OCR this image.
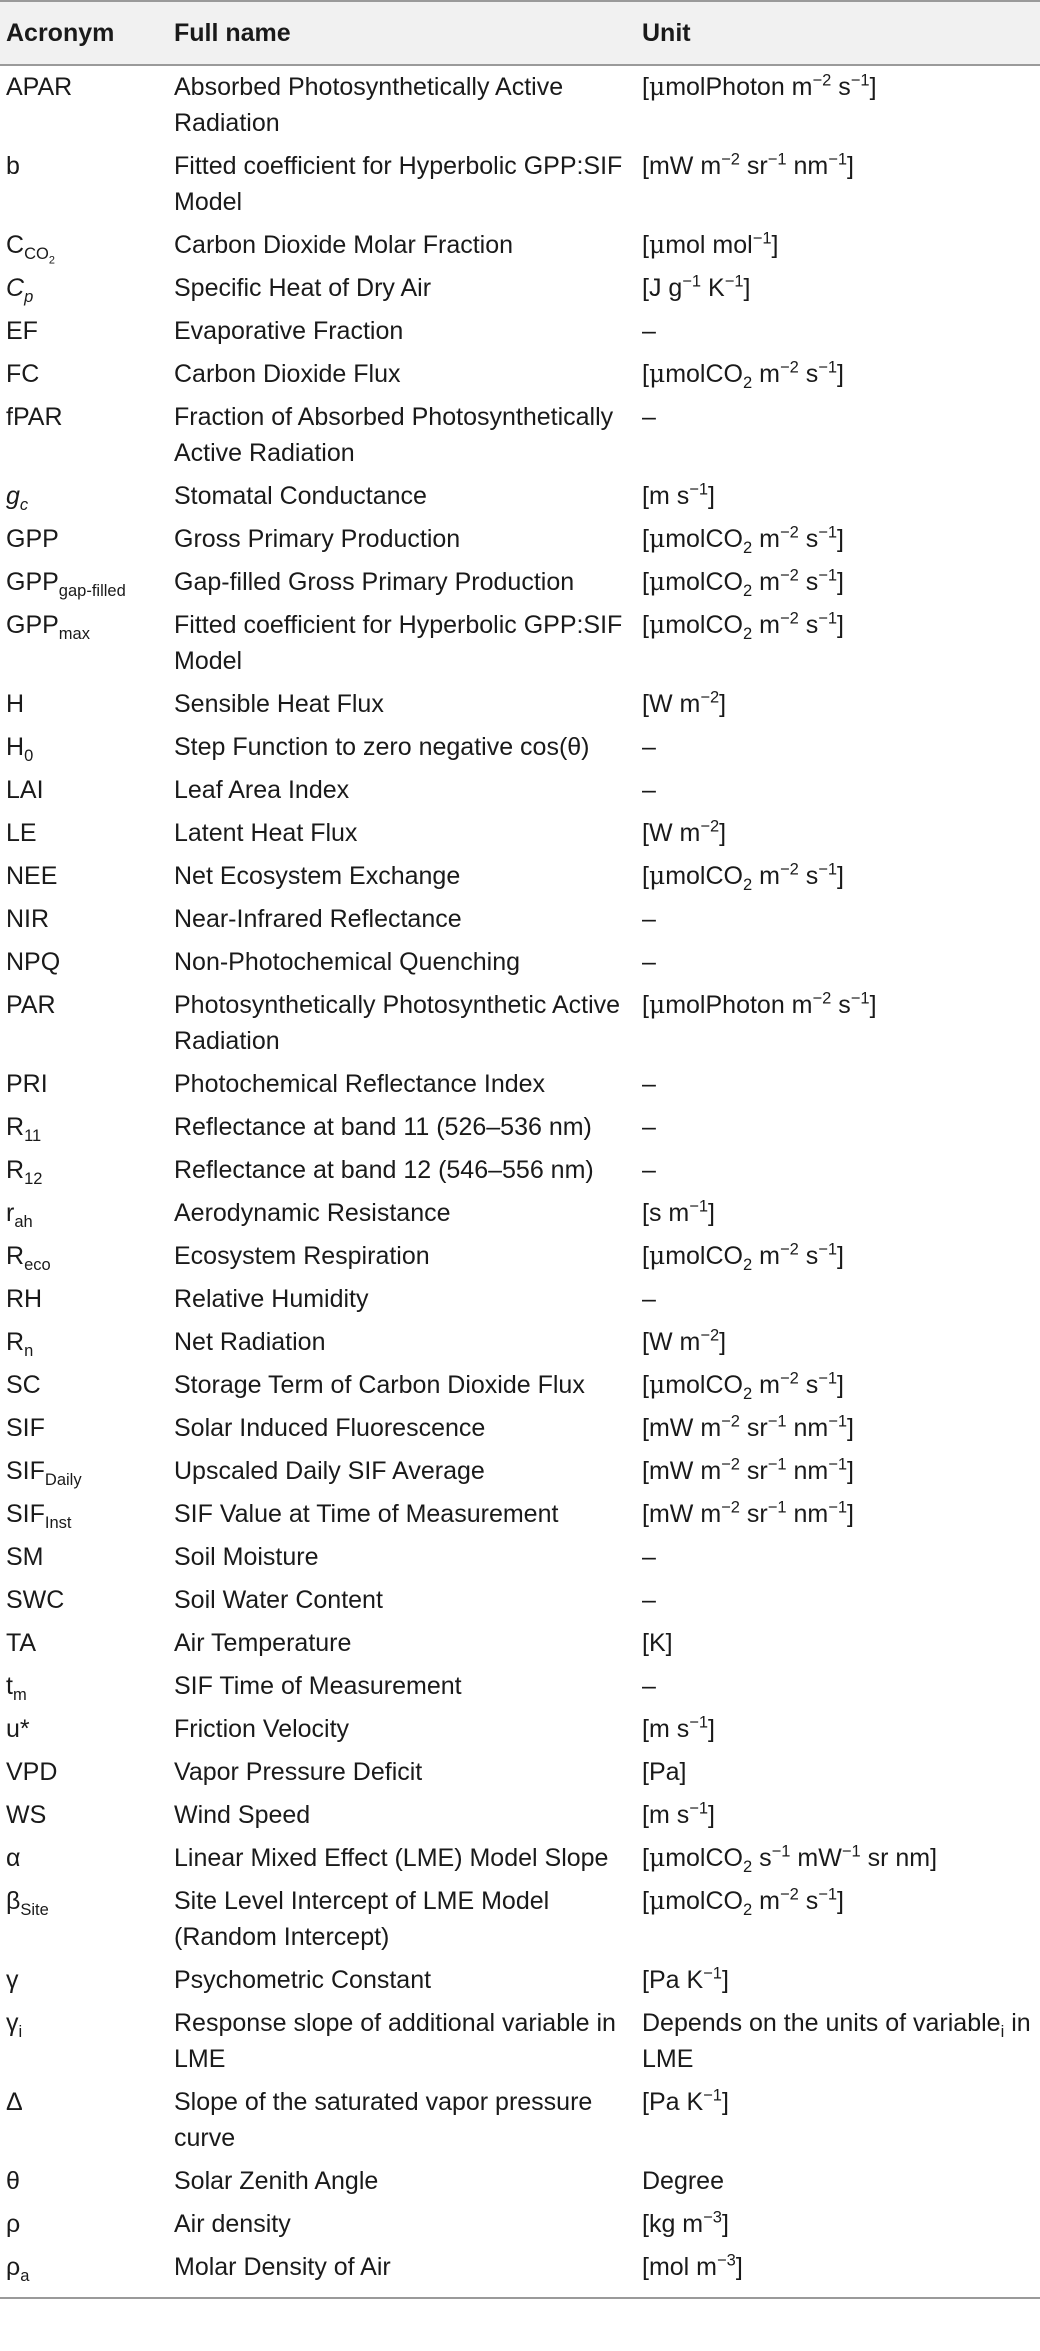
Acronym	Full name	Unit
APAR	Absorbed Photosynthetically Active Radiation	[μmolPhoton $m^{-2}$ $s^{-1}$]
b	Fitted coefficient for Hyperbolic GPP:SIF Model	[mW $m^{-2}$ $sr^{-1}$ $nm^{-1}$]
$C_{CO_2}$	Carbon Dioxide Molar Fraction	[μmol mol$^{-1}$]
$C_p$	Specific Heat of Dry Air	[J $g^{-1}$ $K^{-1}$]
EF	Evaporative Fraction	–
FC	Carbon Dioxide Flux	[μmolCO$_2$ $m^{-2}$ $s^{-1}$]
fPAR	Fraction of Absorbed Photosynthetically Active Radiation	–
$g_c$	Stomatal Conductance	[m $s^{-1}$]
GPP	Gross Primary Production	[μmolCO$_2$ $m^{-2}$ $s^{-1}$]
$GPP_{gap-filled}$	Gap-filled Gross Primary Production	[μmolCO$_2$ $m^{-2}$ $s^{-1}$]
$GPP_{max}$	Fitted coefficient for Hyperbolic GPP:SIF Model	[μmolCO$_2$ $m^{-2}$ $s^{-1}$]
H	Sensible Heat Flux	[W $m^{-2}$]
$H_0$	Step Function to zero negative cos(θ)	–
LAI	Leaf Area Index	–
LE	Latent Heat Flux	[W $m^{-2}$]
NEE	Net Ecosystem Exchange	[μmolCO$_2$ $m^{-2}$ $s^{-1}$]
NIR	Near-Infrared Reflectance	–
NPQ	Non-Photochemical Quenching	–
PAR	Photosynthetically Photosynthetic Active Radiation	[μmolPhoton $m^{-2}$ $s^{-1}$]
PRI	Photochemical Reflectance Index	–
$R_{11}$	Reflectance at band 11 (526–536 nm)	–
$R_{12}$	Reflectance at band 12 (546–556 nm)	–
$r_{ah}$	Aerodynamic Resistance	[s $m^{-1}$]
$R_{eco}$	Ecosystem Respiration	[μmolCO$_2$ $m^{-2}$ $s^{-1}$]
RH	Relative Humidity	–
$R_n$	Net Radiation	[W $m^{-2}$]
SC	Storage Term of Carbon Dioxide Flux	[μmolCO$_2$ $m^{-2}$ $s^{-1}$]
SIF	Solar Induced Fluorescence	[mW $m^{-2}$ $sr^{-1}$ $nm^{-1}$]
$SIF_{Daily}$	Upscaled Daily SIF Average	[mW $m^{-2}$ $sr^{-1}$ $nm^{-1}$]
$SIF_{Inst}$	SIF Value at Time of Measurement	[mW $m^{-2}$ $sr^{-1}$ $nm^{-1}$]
SM	Soil Moisture	–
SWC	Soil Water Content	–
TA	Air Temperature	[K]
$t_m$	SIF Time of Measurement	–
u*	Friction Velocity	[m $s^{-1}$]
VPD	Vapor Pressure Deficit	[Pa]
WS	Wind Speed	[m $s^{-1}$]
α	Linear Mixed Effect (LME) Model Slope	[μmolCO$_2$ $s^{-1}$ $mW^{-1}$ sr nm]
$\beta_{Site}$	Site Level Intercept of LME Model (Random Intercept)	[μmolCO$_2$ $m^{-2}$ $s^{-1}$]
γ	Psychometric Constant	[Pa $K^{-1}$]
$\gamma_i$	Response slope of additional variable in LME	Depends on the units of variable$_i$ in LME
Δ	Slope of the saturated vapor pressure curve	[Pa $K^{-1}$]
θ	Solar Zenith Angle	Degree
ρ	Air density	[kg $m^{-3}$]
$\rho_a$	Molar Density of Air	[mol $m^{-3}$]
